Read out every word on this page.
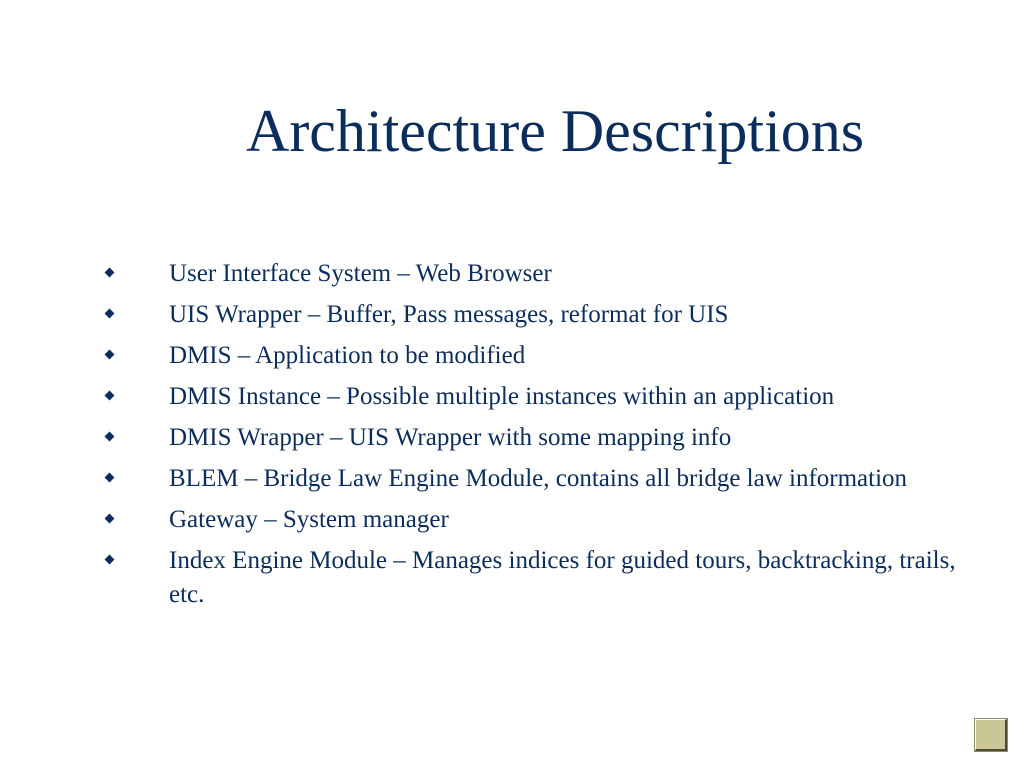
Architecture Descriptions
User Interface System – Web Browser
UIS Wrapper – Buffer, Pass messages, reformat for UIS
DMIS – Application to be modified
DMIS Instance – Possible multiple instances within an application
DMIS Wrapper – UIS Wrapper with some mapping info
BLEM – Bridge Law Engine Module, contains all bridge law information
Gateway – System manager
Index Engine Module – Manages indices for guided tours, backtracking, trails, etc.
